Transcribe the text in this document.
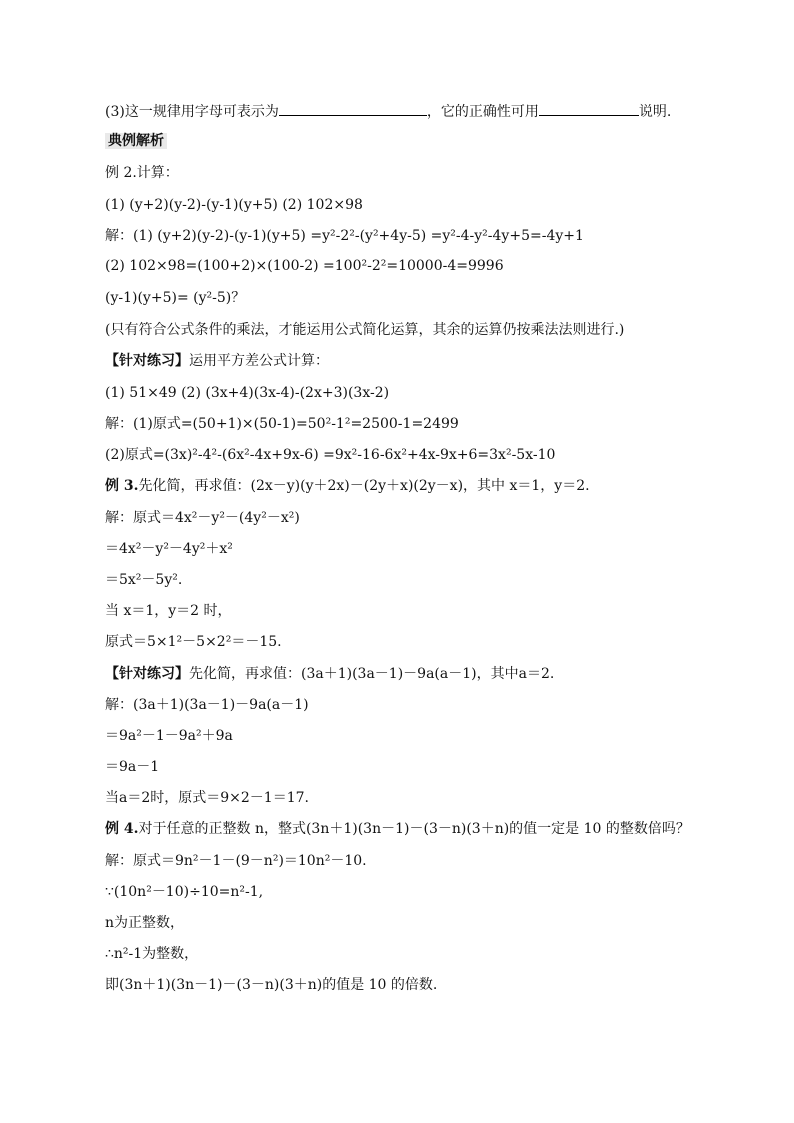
(3)这一规律用字母可表示为	，它的正确性可用	说明.
典例解析
例 2.计算：
(1) (y+2)(y-2)-(y-1)(y+5) (2) 102×98
解：(1) (y+2)(y-2)-(y-1)(y+5) =y²-2²-(y²+4y-5) =y²-4-y²-4y+5=-4y+1
(2) 102×98=(100+2)×(100-2) =100²-2²=10000-4=9996
(y-1)(y+5)= (y²-5)？
(只有符合公式条件的乘法，才能运用公式简化运算，其余的运算仍按乘法法则进行.)
【针对练习】运用平方差公式计算：
(1) 51×49 (2) (3x+4)(3x-4)-(2x+3)(3x-2)
解：(1)原式=(50+1)×(50-1)=50²-1²=2500-1=2499
(2)原式=(3x)²-4²-(6x²-4x+9x-6) =9x²-16-6x²+4x-9x+6=3x²-5x-10
例 3.先化简，再求值：(2x－y)(y＋2x)－(2y＋x)(2y－x)，其中 x＝1，y＝2.
解：原式＝4x²－y²－(4y²－x²)
＝4x²－y²－4y²＋x²
＝5x²－5y².
当 x＝1，y＝2 时，
原式＝5×1²－5×2²＝－15.
【针对练习】先化简，再求值：(3a＋1)(3a－1)－9a(a－1)，其中a＝2.
解：(3a＋1)(3a－1)－9a(a－1)
＝9a²－1－9a²＋9a
＝9a－1
当a＝2时，原式＝9×2－1＝17.
例 4.对于任意的正整数 n，整式(3n＋1)(3n－1)－(3－n)(3＋n)的值一定是 10 的整数倍吗？
解：原式＝9n²－1－(9－n²)＝10n²－10.
∵(10n²－10)÷10=n²-1,
n为正整数，
∴n²-1为整数，
即(3n＋1)(3n－1)－(3－n)(3＋n)的值是 10 的倍数.
